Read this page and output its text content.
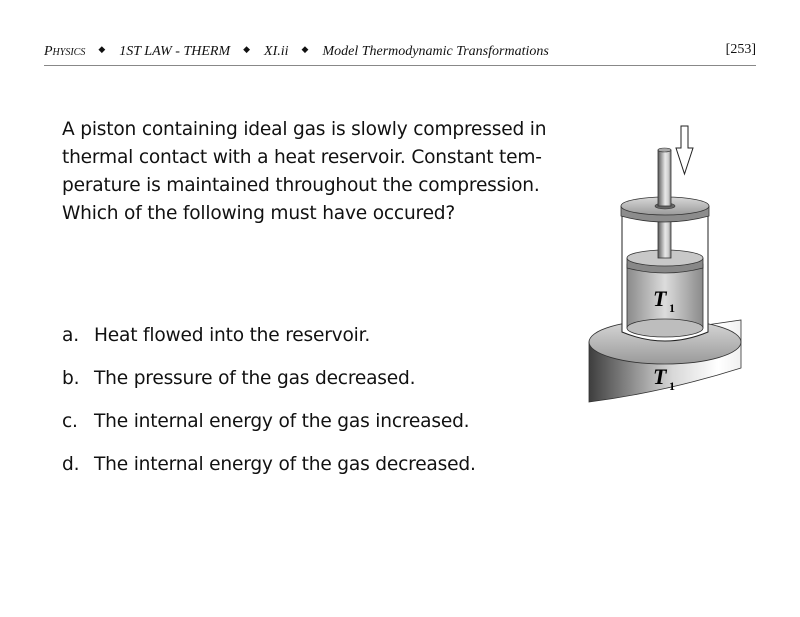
Physics ◆ 1ST LAW - THERM ◆ XI.ii ◆ Model Thermodynamic Transformations	[253]
A piston containing ideal gas is slowly compressed in
thermal contact with a heat reservoir. Constant tem-
perature is maintained throughout the compression.
Which of the following must have occured?
a. Heat flowed into the reservoir.
b. The pressure of the gas decreased.
c. The internal energy of the gas increased.
d. The internal energy of the gas decreased.
T 1
T 1
